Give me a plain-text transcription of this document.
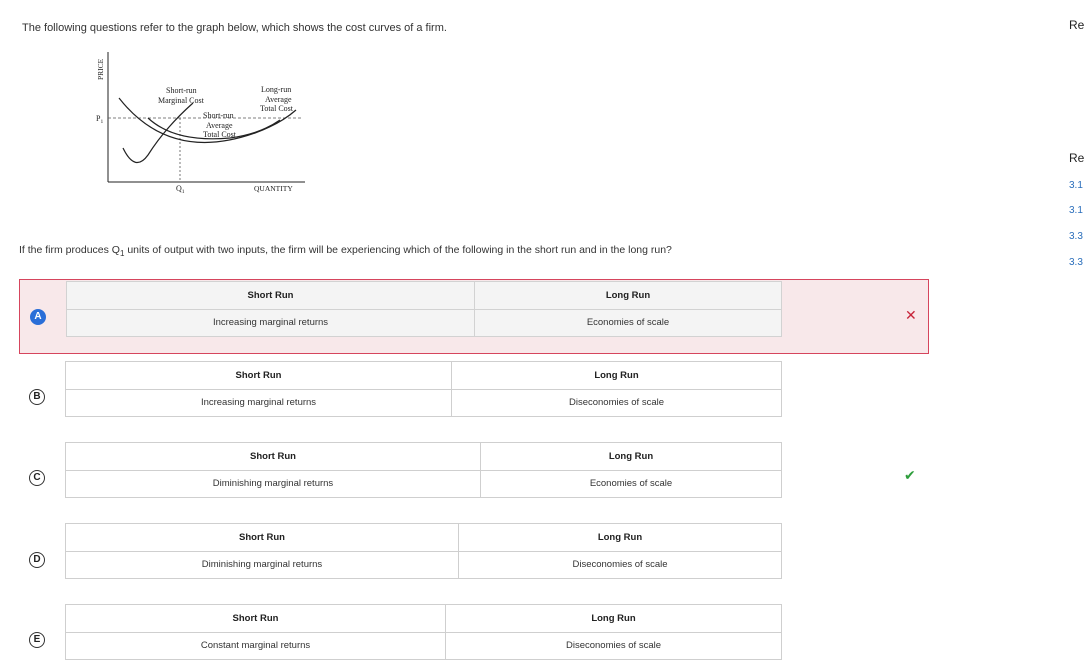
The following questions refer to the graph below, which shows the cost curves of a firm.	Re
Re
3.1
3.1
3.3
3.3
PRICE
$P_1$
$Q_1$	QUANTITY
Short-run
Marginal Cost
Long-run
Average
Total Cost
Short-run
Average
Total Cost
If the firm produces $Q_1$ units of output with two inputs, the firm will be experiencing which of the following in the short run and in the long run?
A
Short Run	Long Run
Increasing marginal returns	Economies of scale	✕
B
Short Run	Long Run
Increasing marginal returns	Diseconomies of scale
C
Short Run	Long Run
Diminishing marginal returns	Economies of scale
✔
D
Short Run	Long Run
Diminishing marginal returns	Diseconomies of scale
E
Short Run	Long Run
Constant marginal returns	Diseconomies of scale
